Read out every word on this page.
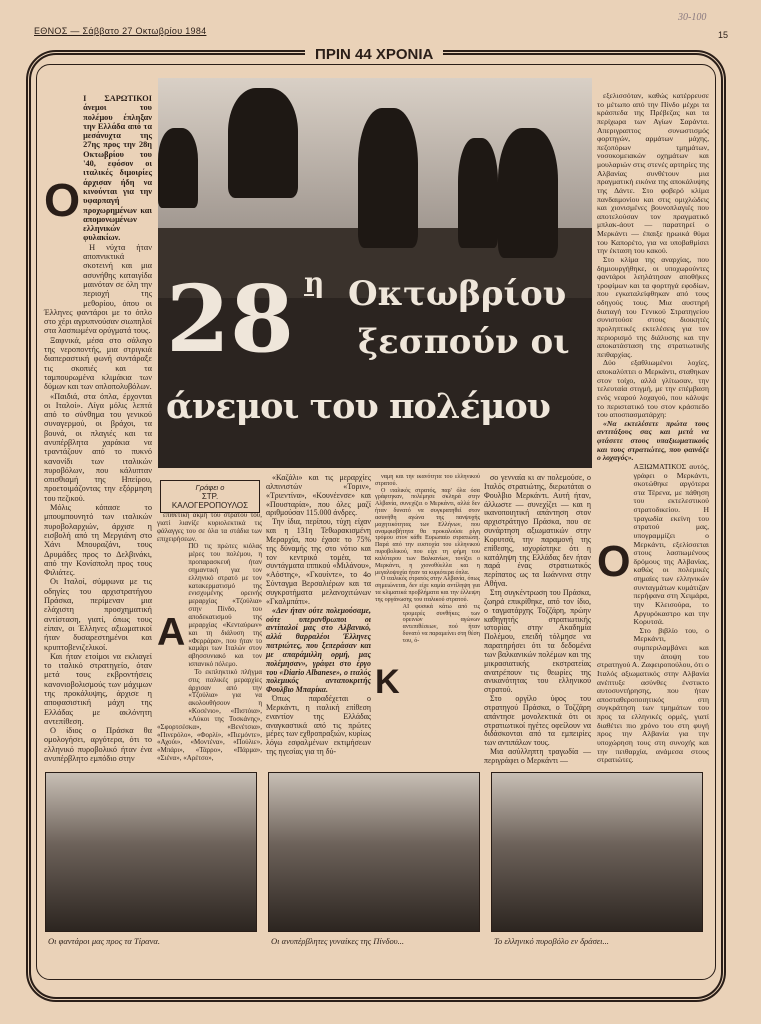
30-100
ΕΘΝΟΣ — Σάββατο 27 Οκτωβρίου 1984	15
ΠΡΙΝ 44 ΧΡΟΝΙΑ
28 η Οκτωβρίου
ξεσπούν οι
άνεμοι του πολέμου
Ο
Ι ΣΑΡΩΤΙΚΟΙ άνεμοι του πολέμου έπληξαν την Ελλάδα από τα μεσάνυχτα της 27ης προς την 28η Οκτωβρίου του '40, εφόσον οι ιταλικές διμοιρίες άρχισαν ήδη να κινούνται για την υφαρπαγή προχωρημένων και απομονωμένων ελληνικών φυλακίων.

Η νύχτα ήταν αποπνικτικά σκοτεινή και μια ασυνήθης καταιγίδα μαινόταν σε όλη την περιοχή της μεθορίου, όπου οι Έλληνες φαντάροι με το όπλο στο χέρι αγρυπνούσαν σιωπηλοί στα λασπωμένα ορύγματά τους.

Ξαφνικά, μέσα στο σάλαγο της νεροποντής, μια στριγκιά διαπεραστική φωνή συντάραξε τις σκοπιές και τα ταμπουρωμένα κλιμάκια των δύμων και των οπλοπολυβόλων.

«Παιδιά, στα όπλα, έρχονται οι Ιταλοί». Λίγα μόλις λεπτά από το σύνθημα του γενικού συναγερμού, οι βράχοι, τα βουνά, οι πλαγιές και τα ανυπέρβλητα χαράκια να τραντάζουν από το πυκνό κανονίδι των ιταλικών πυροβόλων, που κάλυπταν οπισθιαμή της Ηπείρου, προετοιμάζοντας την εξόρμηση του πεζικού.

Μόλις κόπασε το μπουμπουνητό των ιταλικών πυροβολαρχιών, άρχισε η εισβολή από τη Μεργιάνη στο Χάνι Μπουραζάνι, τους Δρυμάδες προς το Δελβινάκι, από την Κονίσπολη προς τους Φιλιάτες.

Οι Ιταλοί, σύμφωνα με τις οδηγίες του αρχιστρατήγου Πράσκα, περίμεναν μια ελάχιστη προσχηματική αντίσταση, γιατί, όπως τους είπαν, οι Έλληνες αξιωματικοί ήταν δυσαρεστημένοι και κρυπτοβενιζελικοί.

Και ήταν ετοίμοι να εκλιαγεί το ιταλικό στρατηγείο, όταν μετά τους εκβροντήσεις κανονιοβολισμούς των μάχιμων της προκάλυψης, άρχισε η αποφασιστική μάχη της Ελλάδας με ακλόνητη αντεπίθεση.

Ο ίδιος ο Πράσκα θα ομολογήσει, αργότερα, ότι το ελληνικό πυροβολικό ήταν ένα ανυπέρβλητο εμπόδιο στην

Γράφει ο
ΣΤΡ. ΚΑΛΟΓΕΡΟΠΟΥΛΟΣ

επιθετική ακμή του στρατού του, γιατί λιανίζε κυριολεκτικά τις φάλαγγες του σε όλα τα στάδια των επιχειρήσεων.

Α
ΠΟ τις πρώτες κιόλας μέρες του πολέμου, η προπαρασκευή ήταν σημαντική για τον ελληνικό στρατό με τον κατακερματισμό της ενισχυμένης ορεινής μεραρχίας «Τζούλια» στην Πίνδο, του αποδεκατισμού της μεραρχίας «Κενταύρων» και τη διάλυση της «Φερράρα», που ήταν το καμάρι των Ιταλών στον αβησσυνιακό και τον ισπανικό πόλεμο.

Το εκπληκτικό πλήγμα στις ιταλικές μεραρχίες άρχισαν από την «Τζούλια» για να ακολουθήσουν η «Κοσένιο», «Πιστόια», «Λύκοι της Τοσκάνης», «Σφορτσέσκα», «Βενέτσια», «Πινερόλο», «Φορλί», «Πιεμόντε», «Αχούι», «Μοντένα», «Πούλιε», «Μπάρι», «Τάρρο», «Πάρμα», «Σιένα», «Αρέτσο»,

«Καζάλι» και τις μεραρχίες αλπινιστών «Τοριν», «Τριεντίνα», «Κουνέενσε» και «Πουσταρία», που όλες μαζί αριθμούσαν 115.000 άνδρες.

Την ίδια, περίπου, τύχη είχαν και η 131η Τεθωρακισμένη Μεραρχία, που έχασε το 75% της δύναμής της στο νότιο και τον κεντρικό τομέα, τα συντάγματα ιππικού «Μιλάνου», «Αόστης», «Γκουίντε», το 4ο Σύνταγμα Βερσαλιέρων και τα συγκροτήματα μελανοχιτώνων «Γκαλμπάτι».

«Δεν ήταν ούτε πολεμούσαμε, ούτε υπερανθρωποι οι αντίπαλοί μας στο Αλβανικό, αλλά θαρραλέοι Έλληνες πατριώτες, που ξεπεράσαν και με απαράμιλλη ορμή, μας πολέμησαν», γράφει στο έργο του «Diario Albanese», ο ιταλός πολεμικός ανταποκριτής Φουλβιο Μπαρίκα.

Όπως παραδέχεται ο Μερκάντι, η ιταλική επίθεση εναντίον της Ελλάδας αναγκαστικά από τις πρώτες μέρες των εχθροπραξιών, κυρίως λόγω εσφαλμένων εκτιμήσεων της ηγεσίας για τη δύ-

ναμη και την ικανότητα του ελληνικού στρατού.

Ο ιταλικός στρατός, παρ' όλα όσα γράφτηκαν, πολέμησε σκληρά στην Αλβανία, συνεχίζει ο Μερκάντι, αλλά δεν ήταν δυνατό να συγκρατηθεί στον ασυνήθη αγώνα της πανψυχής μαχητικότητας των Ελλήνων, που αναμφισβήτητα θα προκαλούσε ρίγη τρόμου στον κάθε Ευρωπαίο στρατιώτη. Παρά από την ευστοχία του ελληνικού πυροβολικού, που είχε τη φήμη του καλύτερου των Βαλκανίων, τονίζει ο Μερκάντι, η χιονοθύελλα και η μεγαλοψυχία ήταν τα κυριότερα όπλα.

Ο ιταλικός στρατός στην Αλβανία, όπως σημειώνεται, δεν είχε καμία αντίληψη για τα κλιματικά προβλήματα και την έλλειψη της οργάνωσης του ιταλικού στρατού.

Κ
ΑΙ φυσικά κάτω από τις τρομερές συνθήκες των ορεινών αγώνων αντεπιθέσεων, πού ήταν δυνατό να παραμείνει στη θέση του, ό-

σο γενναία κι αν πολεμούσε, ο Ιταλός στρατιώτης, διερωτάται ο Φουλβιο Μερκάντι. Αυτή ήταν, άλλωστε — συνεχίζει — και η ικανοποιητική απάντηση στον αρχιστράτηγο Πράσκα, που σε συνάρτηση αξιωματικών στην Κορυτσά, την παραμονή της επίθεσης, ισχυρίστηκε ότι η κατάληψη της Ελλάδας δεν ήταν παρά ένας στρατιωτικός περίπατος ως τα Ιωάννινα στην Αθήνα.

Στη συγκέντρωση του Πράσκα, ζωηρά επικρίθηκε, από τον ίδιο, ο ταγματάρχης Τοζζάρη, πρώην καθηγητής στρατιωτικής ιστορίας στην Ακαδημία Πολέμου, επειδή τόλμησε να παρατηρήσει ότι τα δεδομένα των βαλκανικών πολέμων και της μικρασιατικής εκστρατείας ανατρέπουν τις θεωρίες της ανικανότητας του ελληνικού στρατού.

Στο οργίλο ύφος του στρατηγού Πράσκα, ο Τοζζάρη απάντησε μονολεκτικά ότι οι στρατιωτικοί ηγέτες οφείλουν να διδάσκονται από τα εμπειρίες των αντιπάλων τους.

Μια ασύλληπτη τραγωδία — περιγράφει ο Μερκάντι —

εξελισσόταν, καθώς κατέρρευσε το μέτωπο από την Πίνδο μέχρι τα κράσπεδα της Πρέβεζας και τα περίχωρα των Αγίων Σαράντα. Απεριγραπτος συνωστισμός φορτηγών, αρμάτων μάχης, πεζοπόρων τμημάτων, νοσοκομειακών οχημάτων και μουλαριών στις στενές αρτηρίες της Αλβανίας συνθέτουν μια πραγματική εικόνα της αποκάλυψης της Δάντε. Στο φοβερό κλίμα πανδαιμονίου και στις ομιχλώδεις και χιονισμένες βουνοπλαγιές που αποτελούσαν τον πραγματικό μπλακ-άουτ — παρατηρεί ο Μερκάντι — έπαιξε ηρωικά θύμα του Καπορέτο, για να υποβαθμίσει την έκταση του κακού.

Στο κλίμα της αναρχίας, που δημιουργήθηκε, οι υποχωρούντες φαντάροι λεηλάτησαν αποθήκες τροφίμων και τα φορτηγά εφοδίων, που εγκαταλείφθηκαν από τους οδηγούς τους. Μια αυστηρή διαταγή του Γενικού Στρατηγείου συνιστούσε στους διοικητές προληπτικές εκτελέσεις για τον περιορισμό της διάλυσης και την αποκατάσταση της στρατιωτικής πειθαρχίας.

Δύο εξαθλιωμένοι λοχίες, αποκαλύπτει ο Μερκάντι, σταθηκαν στον τοίχο, αλλά γλίτωσαν, την τελευταία στιγμή, με την επέμβαση ενός νεαρού λοχαγού, που κάλυψε το περιστατικό του στον κράσπεδο του αποσπασματάρχη:

«Να εκτελέσετε πρώτα τους αντιτάξους σας και μετά να φτάσετε στους υπαξιωματικούς και τους στρατιώτες, που φαινάζε ο λοχαγός».

Ο
ΑΞΙΩΜΑΤΙΚΟΣ αυτός, γράφει ο Μερκάντι, σκοτώθηκε αργότερα στα Τέρενα, με πάθηση του εκτελεστικού στρατοδικείου. Η τραγωδία εκείνη του στρατού μας, υπογραμμίζει ο Μερκάντι, εξελίσσεται στους λασπωμένους δρόμους της Αλβανίας, καθώς οι πολεμικές σημαίες των ελληνικών συνταγμάτων κυμάτιζαν περήφανα στη Χειμάρα, την Κλεισούρα, το Αργυρόκαστρο και την Κορυτσά.

Στο βιβλίο του, ο Μερκάντι, συμπεριλαμβάνει και την άποψη του στρατηγού Α. Ζαφειροπούλου, ότι ο Ιταλός αξιωματικός στην Αλβανία ανέπτυξε ασύνθες ένστικτο αυτοσυντήρησης, που ήταν αποσταθεροποιητικός στη συγκράτηση των τμημάτων του προς τα ελληνικές ορμές, γιατί διαθέτει πιο χρόνο του στη φυγή προς την Αλβανία για την υποχώρηση τους στη συνοχής και την πειθαρχία, ανάμεσα στους στρατιώτες.

Οι φαντάροι μας προς τα Τίρανα.	Οι ανυπέρβλητες γυναίκες της Πίνδου...	Το ελληνικό πυροβόλο εν δράσει...
